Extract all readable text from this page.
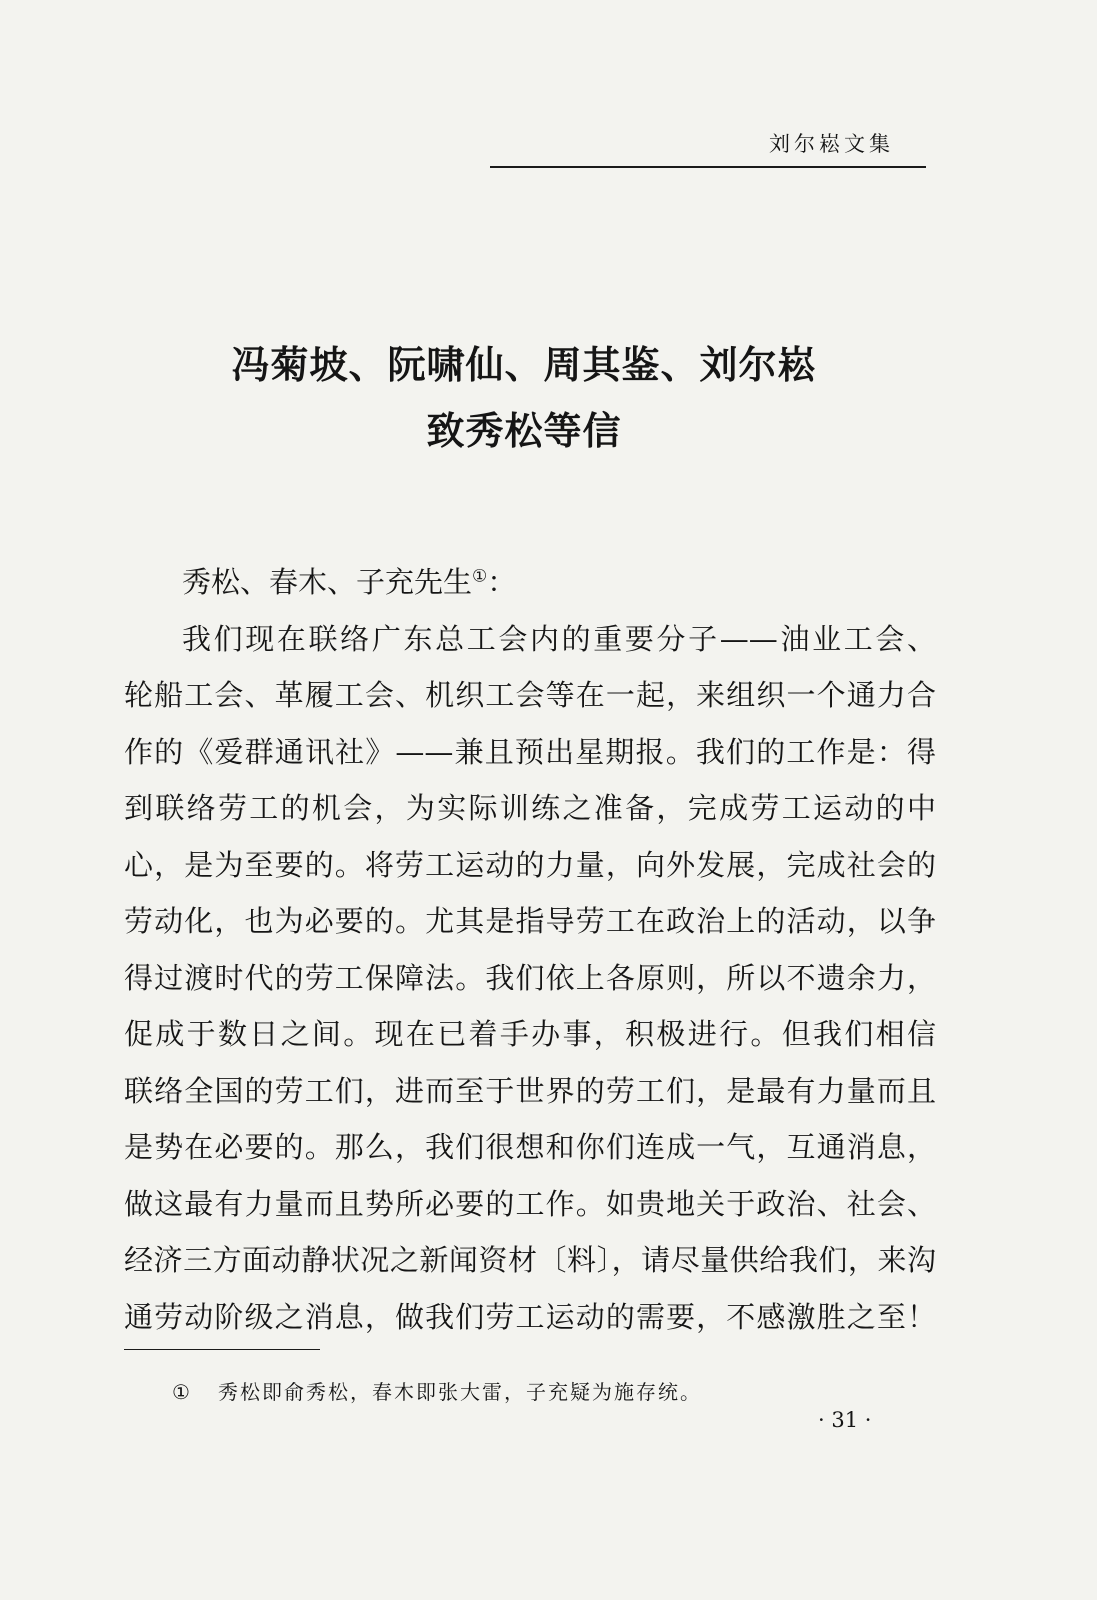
刘尔崧文集
冯菊坡、阮啸仙、周其鉴、刘尔崧
致秀松等信
秀松、春木、子充先生①：
我们现在联络广东总工会内的重要分子——油业工会、
轮船工会、革履工会、机织工会等在一起，来组织一个通力合
作的《爱群通讯社》——兼且预出星期报。我们的工作是：得
到联络劳工的机会，为实际训练之准备，完成劳工运动的中
心，是为至要的。将劳工运动的力量，向外发展，完成社会的
劳动化，也为必要的。尤其是指导劳工在政治上的活动，以争
得过渡时代的劳工保障法。我们依上各原则，所以不遗余力，
促成于数日之间。现在已着手办事，积极进行。但我们相信
联络全国的劳工们，进而至于世界的劳工们，是最有力量而且
是势在必要的。那么，我们很想和你们连成一气，互通消息，
做这最有力量而且势所必要的工作。如贵地关于政治、社会、
经济三方面动静状况之新闻资材〔料〕，请尽量供给我们，来沟
通劳动阶级之消息，做我们劳工运动的需要，不感激胜之至！
① 秀松即俞秀松，春木即张大雷，子充疑为施存统。
· 31 ·
